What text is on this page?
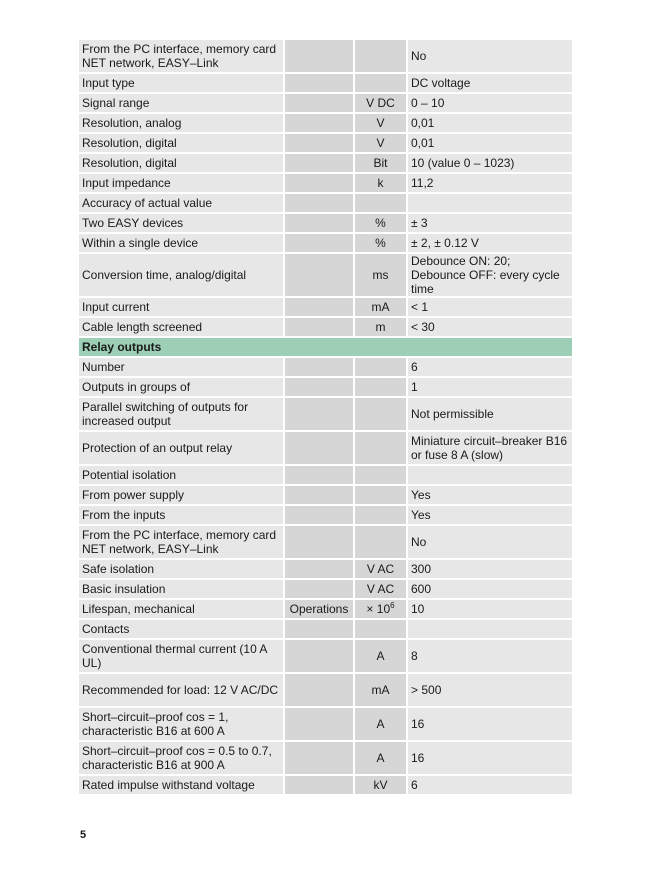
From the PC interface, memory card NET network, EASY–Link			No
Input type			DC voltage
Signal range		V DC	0 – 10
Resolution, analog		V	0,01
Resolution, digital		V	0,01
Resolution, digital		Bit	10 (value 0 – 1023)
Input impedance		k	11,2
Accuracy of actual value			
Two EASY devices		%	± 3
Within a single device		%	± 2, ± 0.12 V
Conversion time, analog/digital		ms	Debounce ON: 20;
Debounce OFF: every cycle time
Input current		mA	< 1
Cable length screened		m	< 30
Relay outputs			
Number			6
Outputs in groups of			1
Parallel switching of outputs for increased output			Not permissible
Protection of an output relay			Miniature circuit–breaker B16 or fuse 8 A (slow)
Potential isolation			
From power supply			Yes
From the inputs			Yes
From the PC interface, memory card NET network, EASY–Link			No
Safe isolation		V AC	300
Basic insulation		V AC	600
Lifespan, mechanical	Operations	× $10^6$	10
Contacts			
Conventional thermal current (10 A UL)		A	8
Recommended for load: 12 V AC/DC		mA	> 500
Short–circuit–proof cos = 1, characteristic B16 at 600 A		A	16
Short–circuit–proof cos = 0.5 to 0.7, characteristic B16 at 900 A		A	16
Rated impulse withstand voltage		kV	6
5
